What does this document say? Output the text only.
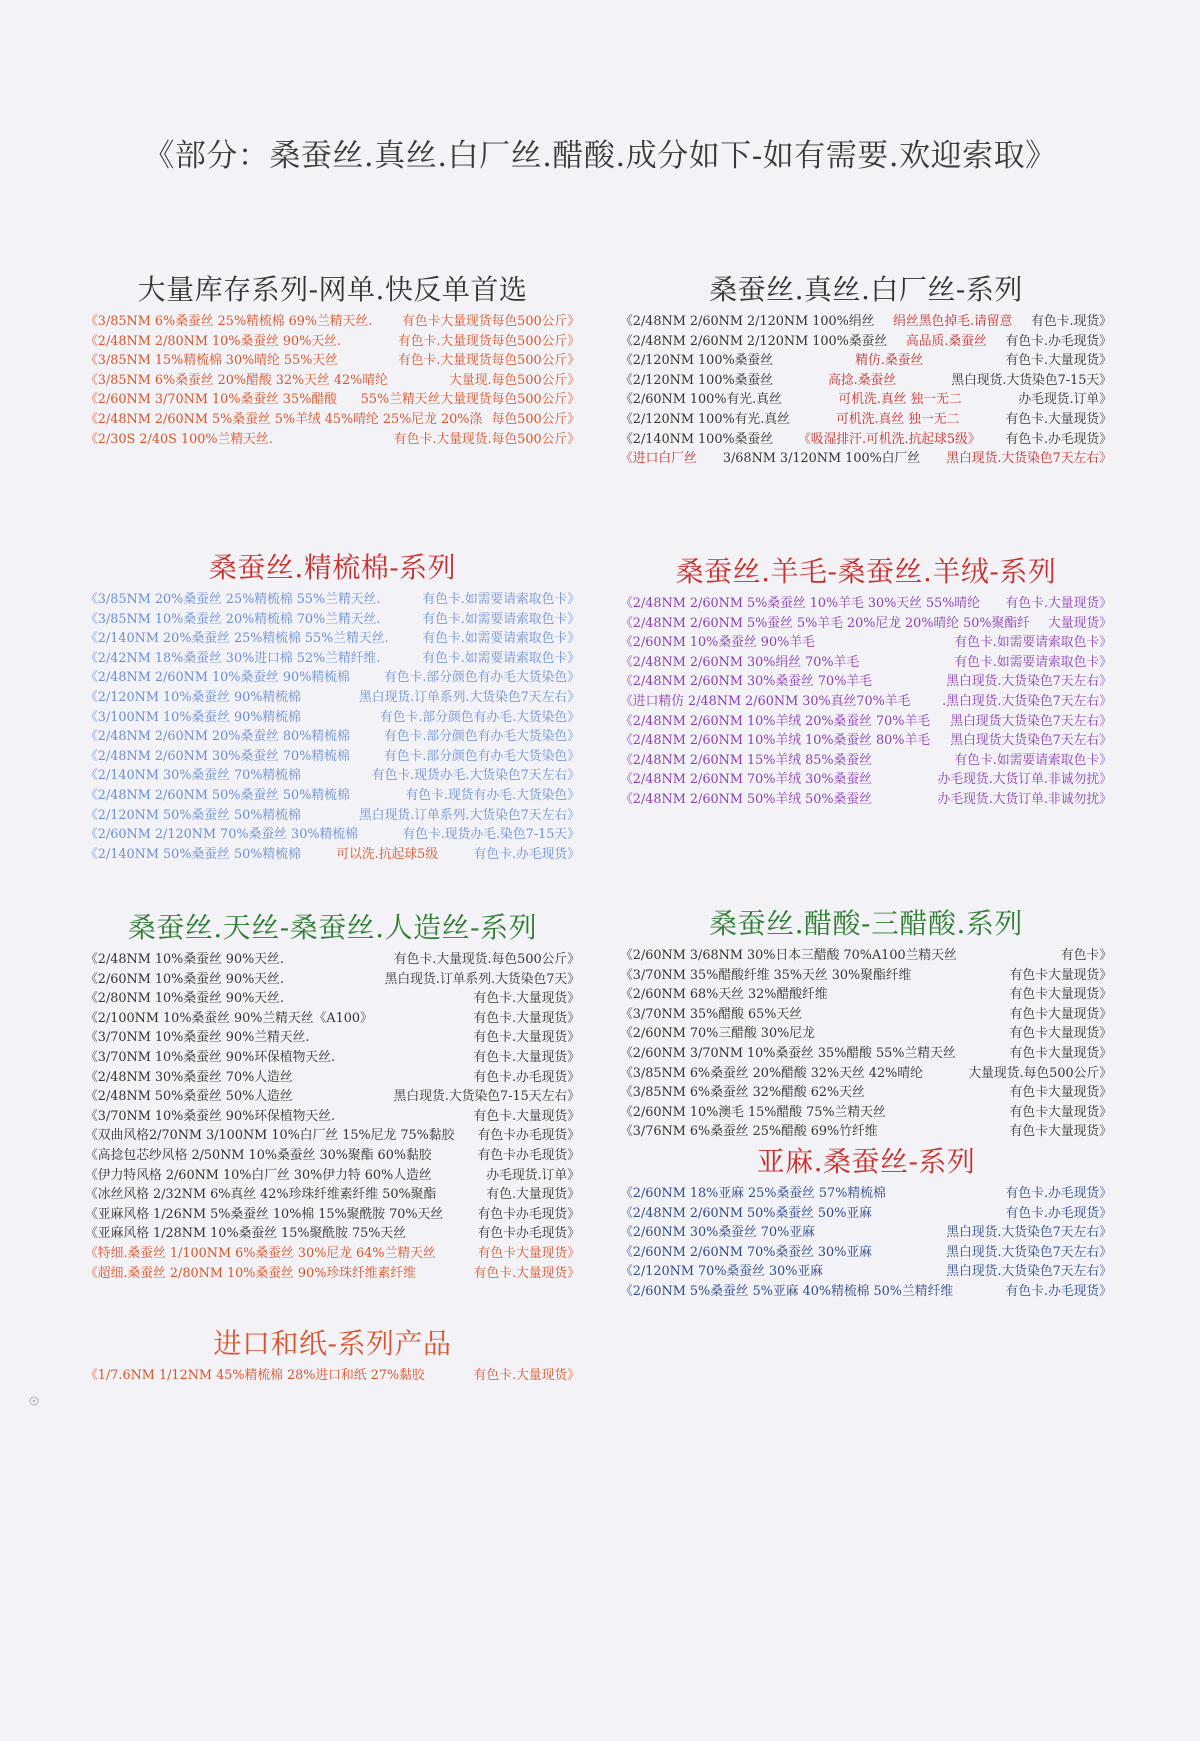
《部分：桑蚕丝.真丝.白厂丝.醋酸.成分如下-如有需要.欢迎索取》
大量库存系列-网单.快反单首选
《3/85NM 6%桑蚕丝 25%精梳棉 69%兰精天丝.	有色卡大量现货每色500公斤》
《2/48NM 2/80NM 10%桑蚕丝 90%天丝.	有色卡.大量现货每色500公斤》
《3/85NM 15%精梳棉 30%晴纶 55%天丝	有色卡.大量现货每色500公斤》
《3/85NM 6%桑蚕丝 20%醋酸 32%天丝 42%晴纶	大量现.每色500公斤》
《2/60NM 3/70NM 10%桑蚕丝 35%醋酸	55%兰精天丝大量现货每色500公斤》
《2/48NM 2/60NM 5%桑蚕丝 5%羊绒 45%晴纶 25%尼龙 20%涤 每色500公斤》
《2/30S 2/40S 100%兰精天丝.	有色卡.大量现货.每色500公斤》
桑蚕丝.真丝.白厂丝-系列
《2/48NM 2/60NM 2/120NM 100%绢丝	绢丝黑色掉毛.请留意	有色卡.现货》
《2/48NM 2/60NM 2/120NM 100%桑蚕丝	高品质.桑蚕丝	有色卡.办毛现货》
《2/120NM 100%桑蚕丝	精仿.桑蚕丝	有色卡.大量现货》
《2/120NM 100%桑蚕丝	高捻.桑蚕丝	黑白现货.大货染色7-15天》
《2/60NM 100%有光.真丝	可机洗.真丝 独一无二	办毛现货.订单》
《2/120NM 100%有光.真丝	可机洗.真丝 独一无二	有色卡.大量现货》
《2/140NM 100%桑蚕丝	《吸湿排汗.可机洗.抗起球5级》	有色卡.办毛现货》
《进口白厂丝	3/68NM 3/120NM 100%白厂丝	黑白现货.大货染色7天左右》
桑蚕丝.精梳棉-系列
《3/85NM 20%桑蚕丝 25%精梳棉 55%兰精天丝.	有色卡.如需要请索取色卡》
《3/85NM 10%桑蚕丝 20%精梳棉 70%兰精天丝.	有色卡.如需要请索取色卡》
《2/140NM 20%桑蚕丝 25%精梳棉 55%兰精天丝.	有色卡.如需要请索取色卡》
《2/42NM 18%桑蚕丝 30%进口棉 52%兰精纤维.	有色卡.如需要请索取色卡》
《2/48NM 2/60NM 10%桑蚕丝 90%精梳棉	有色卡.部分颜色有办毛大货染色》
《2/120NM 10%桑蚕丝 90%精梳棉	黑白现货.订单系列.大货染色7天左右》
《3/100NM 10%桑蚕丝 90%精梳棉	有色卡.部分颜色有办毛.大货染色》
《2/48NM 2/60NM 20%桑蚕丝 80%精梳棉	有色卡.部分颜色有办毛大货染色》
《2/48NM 2/60NM 30%桑蚕丝 70%精梳棉	有色卡.部分颜色有办毛大货染色》
《2/140NM 30%桑蚕丝 70%精梳棉	有色卡.现货办毛.大货染色7天左右》
《2/48NM 2/60NM 50%桑蚕丝 50%精梳棉	有色卡.现货有办毛.大货染色》
《2/120NM 50%桑蚕丝 50%精梳棉	黑白现货.订单系列.大货染色7天左右》
《2/60NM 2/120NM 70%桑蚕丝 30%精梳棉	有色卡.现货办毛.染色7-15天》
《2/140NM 50%桑蚕丝 50%精梳棉	可以洗.抗起球5级	有色卡.办毛现货》
桑蚕丝.羊毛-桑蚕丝.羊绒-系列
《2/48NM 2/60NM 5%桑蚕丝 10%羊毛 30%天丝 55%晴纶	有色卡.大量现货》
《2/48NM 2/60NM 5%蚕丝 5%羊毛 20%尼龙 20%晴纶 50%聚酯纤	大量现货》
《2/60NM 10%桑蚕丝 90%羊毛	有色卡.如需要请索取色卡》
《2/48NM 2/60NM 30%绢丝 70%羊毛	有色卡.如需要请索取色卡》
《2/48NM 2/60NM 30%桑蚕丝 70%羊毛	黑白现货.大货染色7天左右》
《进口精仿 2/48NM 2/60NM 30%真丝70%羊毛	.黑白现货.大货染色7天左右》
《2/48NM 2/60NM 10%羊绒 20%桑蚕丝 70%羊毛	黑白现货大货染色7天左右》
《2/48NM 2/60NM 10%羊绒 10%桑蚕丝 80%羊毛	黑白现货大货染色7天左右》
《2/48NM 2/60NM 15%羊绒 85%桑蚕丝	有色卡.如需要请索取色卡》
《2/48NM 2/60NM 70%羊绒 30%桑蚕丝	办毛现货.大货订单.非诚勿扰》
《2/48NM 2/60NM 50%羊绒 50%桑蚕丝	办毛现货.大货订单.非诚勿扰》
桑蚕丝.天丝-桑蚕丝.人造丝-系列
《2/48NM 10%桑蚕丝 90%天丝.	有色卡.大量现货.每色500公斤》
《2/60NM 10%桑蚕丝 90%天丝.	黑白现货.订单系列.大货染色7天》
《2/80NM 10%桑蚕丝 90%天丝.	有色卡.大量现货》
《2/100NM 10%桑蚕丝 90%兰精天丝《A100》	有色卡.大量现货》
《3/70NM 10%桑蚕丝 90%兰精天丝.	有色卡.大量现货》
《3/70NM 10%桑蚕丝 90%环保植物天丝.	有色卡.大量现货》
《2/48NM 30%桑蚕丝 70%人造丝	有色卡.办毛现货》
《2/48NM 50%桑蚕丝 50%人造丝	黑白现货.大货染色7-15天左右》
《3/70NM 10%桑蚕丝 90%环保植物天丝.	有色卡.大量现货》
《双曲风格2/70NM 3/100NM 10%白厂丝 15%尼龙 75%黏胶	有色卡办毛现货》
《高捻包芯纱风格 2/50NM 10%桑蚕丝 30%聚酯 60%黏胶	有色卡办毛现货》
《伊力特风格 2/60NM 10%白厂丝 30%伊力特 60%人造丝	办毛现货.订单》
《冰丝风格 2/32NM 6%真丝 42%珍珠纤维素纤维 50%聚酯	有色.大量现货》
《亚麻风格 1/26NM 5%桑蚕丝 10%棉 15%聚酰胺 70%天丝	有色卡办毛现货》
《亚麻风格 1/28NM 10%桑蚕丝 15%聚酰胺 75%天丝	有色卡办毛现货》
《特细.桑蚕丝 1/100NM 6%桑蚕丝 30%尼龙 64%兰精天丝	有色卡大量现货》
《超细.桑蚕丝 2/80NM 10%桑蚕丝 90%珍珠纤维素纤维	有色卡.大量现货》
桑蚕丝.醋酸-三醋酸.系列
《2/60NM 3/68NM 30%日本三醋酸 70%A100兰精天丝	有色卡》
《3/70NM 35%醋酸纤维 35%天丝 30%聚酯纤维	有色卡大量现货》
《2/60NM 68%天丝 32%醋酸纤维	有色卡大量现货》
《3/70NM 35%醋酸 65%天丝	有色卡大量现货》
《2/60NM 70%三醋酸 30%尼龙	有色卡大量现货》
《2/60NM 3/70NM 10%桑蚕丝 35%醋酸 55%兰精天丝	有色卡大量现货》
《3/85NM 6%桑蚕丝 20%醋酸 32%天丝 42%晴纶	大量现货.每色500公斤》
《3/85NM 6%桑蚕丝 32%醋酸 62%天丝	有色卡大量现货》
《2/60NM 10%澳毛 15%醋酸 75%兰精天丝	有色卡大量现货》
《3/76NM 6%桑蚕丝 25%醋酸 69%竹纤维	有色卡大量现货》
亚麻.桑蚕丝-系列
《2/60NM 18%亚麻 25%桑蚕丝 57%精梳棉	有色卡.办毛现货》
《2/48NM 2/60NM 50%桑蚕丝 50%亚麻	有色卡.办毛现货》
《2/60NM 30%桑蚕丝 70%亚麻	黑白现货.大货染色7天左右》
《2/60NM 2/60NM 70%桑蚕丝 30%亚麻	黑白现货.大货染色7天左右》
《2/120NM 70%桑蚕丝 30%亚麻	黑白现货.大货染色7天左右》
《2/60NM 5%桑蚕丝 5%亚麻 40%精梳棉 50%兰精纤维	有色卡.办毛现货》
进口和纸-系列产品
《1/7.6NM 1/12NM 45%精梳棉 28%进口和纸 27%黏胶	有色卡.大量现货》
